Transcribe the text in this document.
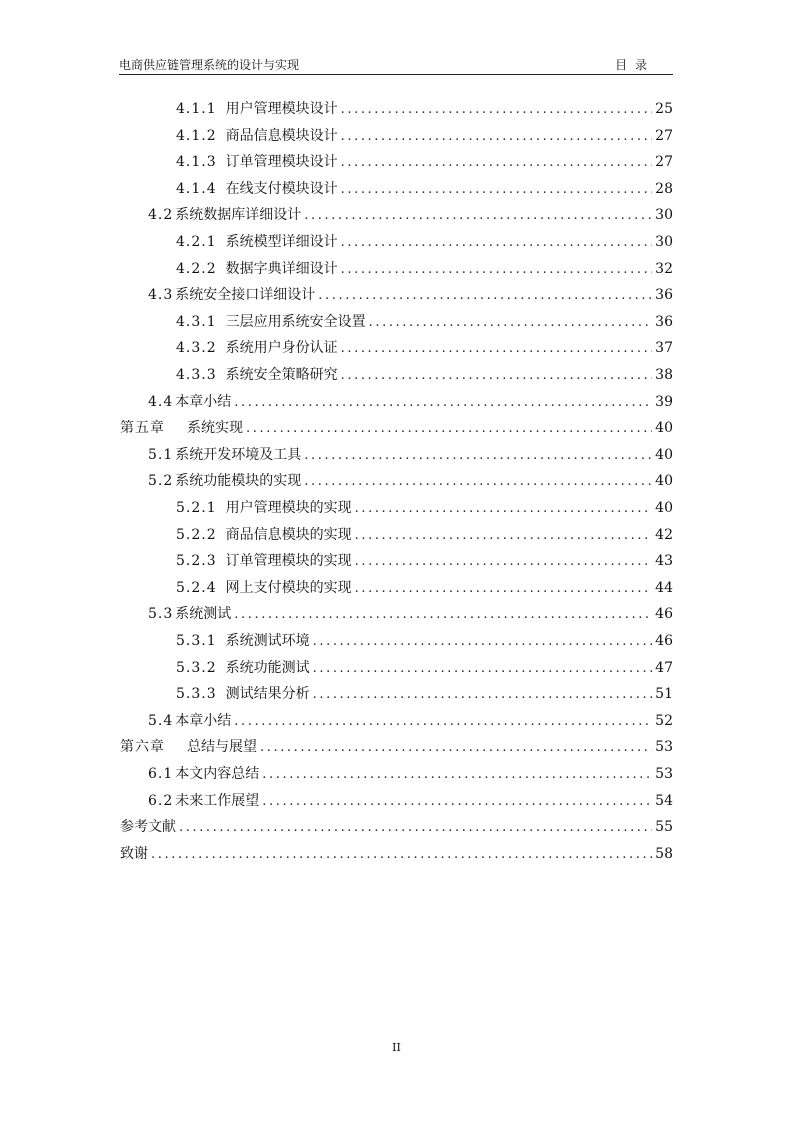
电商供应链管理系统的设计与实现	目 录
4.1.1 用户管理模块设计 .....	25
4.1.2 商品信息模块设计 .....	27
4.1.3 订单管理模块设计 .....	27
4.1.4 在线支付模块设计 .....	28
4.2 系统数据库详细设计 .....	30
4.2.1 系统模型详细设计 .....	30
4.2.2 数据字典详细设计 .....	32
4.3 系统安全接口详细设计 .....	36
4.3.1 三层应用系统安全设置 .....	36
4.3.2 系统用户身份认证 .....	37
4.3.3 系统安全策略研究 .....	38
4.4 本章小结 .....	39
第五章 系统实现 .....	40
5.1 系统开发环境及工具 .....	40
5.2 系统功能模块的实现 .....	40
5.2.1 用户管理模块的实现 .....	40
5.2.2 商品信息模块的实现 .....	42
5.2.3 订单管理模块的实现 .....	43
5.2.4 网上支付模块的实现 .....	44
5.3 系统测试 .....	46
5.3.1 系统测试环境 .....	46
5.3.2 系统功能测试 .....	47
5.3.3 测试结果分析 .....	51
5.4 本章小结 .....	52
第六章 总结与展望 .....	53
6.1 本文内容总结 .....	53
6.2 未来工作展望 .....	54
参考文献 .....	55
致谢 .....	58
II
